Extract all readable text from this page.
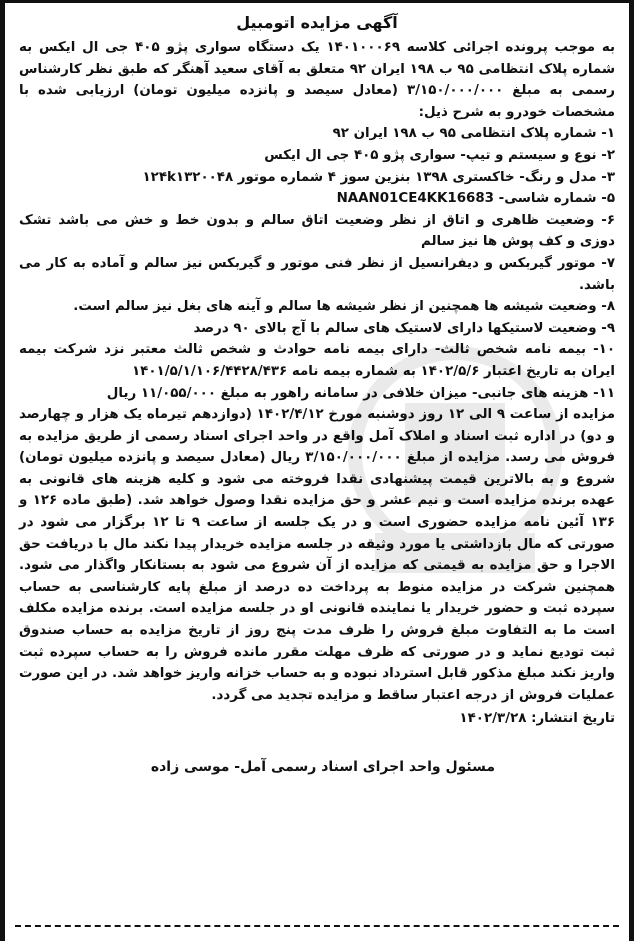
آگهی مزایده اتومبیل

به موجب پرونده اجرائی کلاسه ۱۴۰۱۰۰۰۶۹ یک دستگاه سواری پژو ۴۰۵ جی ال ایکس به شماره پلاک انتظامی ۹۵ ب ۱۹۸ ایران ۹۲ متعلق به آقای سعید آهنگر که طبق نظر کارشناس رسمی به مبلغ ۳/۱۵۰/۰۰۰/۰۰۰ (معادل سیصد و پانزده میلیون تومان) ارزیابی شده با مشخصات خودرو به شرح ذیل:

۱- شماره پلاک انتظامی ۹۵ ب ۱۹۸ ایران ۹۲
۲- نوع و سیستم و تیپ- سواری پژو ۴۰۵ جی ال ایکس
۳- مدل و رنگ- خاکستری ۱۳۹۸ بنزین سوز ۴ شماره موتور ۱۲۴k۱۳۲۰۰۴۸
۵- شماره شاسی- NAAN01CE4KK16683
۶- وضعیت ظاهری و اتاق از نظر وضعیت اتاق سالم و بدون خط و خش می باشد تشک دوزی و کف پوش ها نیز سالم
۷- موتور گیربکس و دیفرانسیل از نظر فنی موتور و گیربکس نیز سالم و آماده به کار می باشد.
۸- وضعیت شیشه ها همچنین از نظر شیشه ها سالم و آینه های بغل نیز سالم است.
۹- وضعیت لاستیکها دارای لاستیک های سالم با آج بالای ۹۰ درصد
۱۰- بیمه نامه شخص ثالث- دارای بیمه نامه حوادث و شخص ثالث معتبر نزد شرکت بیمه ایران به تاریخ اعتبار ۱۴۰۲/۵/۶ به شماره بیمه نامه ۱۴۰۱/۵/۱/۱۰۶/۴۴۲۸/۴۳۶
۱۱- هزینه های جانبی- میزان خلافی در سامانه راهور به مبلغ ۱۱/۰۵۵/۰۰۰ ریال

مزایده از ساعت ۹ الی ۱۲ روز دوشنبه مورخ ۱۴۰۲/۴/۱۲ (دوازدهم تیرماه یک هزار و چهارصد و دو) در اداره ثبت اسناد و املاک آمل واقع در واحد اجرای اسناد رسمی از طریق مزایده به فروش می رسد. مزایده از مبلغ ۳/۱۵۰/۰۰۰/۰۰۰ ریال (معادل سیصد و پانزده میلیون تومان) شروع و به بالاترین قیمت پیشنهادی نقدا فروخته می شود و کلیه هزینه های قانونی به عهده برنده مزایده است و نیم عشر و حق مزایده نقدا وصول خواهد شد. (طبق ماده ۱۲۶ و ۱۳۶ آئین نامه مزایده حضوری است و در یک جلسه از ساعت ۹ تا ۱۲ برگزار می شود در صورتی که مال بازداشتی یا مورد وثیقه در جلسه مزایده خریدار پیدا نکند مال با دریافت حق الاجرا و حق مزایده به قیمتی که مزایده از آن شروع می شود به بستانکار واگذار می شود. همچنین شرکت در مزایده منوط به پرداخت ده درصد از مبلغ پایه کارشناسی به حساب سپرده ثبت و حضور خریدار یا نماینده قانونی او در جلسه مزایده است. برنده مزایده مکلف است ما به التفاوت مبلغ فروش را ظرف مدت پنج روز از تاریخ مزایده به حساب صندوق ثبت تودیع نماید و در صورتی که ظرف مهلت مقرر مانده فروش را به حساب سپرده ثبت واریز نکند مبلغ مذکور قابل استرداد نبوده و به حساب خزانه واریز خواهد شد. در این صورت عملیات فروش از درجه اعتبار ساقط و مزایده تجدید می گردد.

تاریخ انتشار: ۱۴۰۲/۳/۲۸
مسئول واحد اجرای اسناد رسمی آمل- موسی زاده
